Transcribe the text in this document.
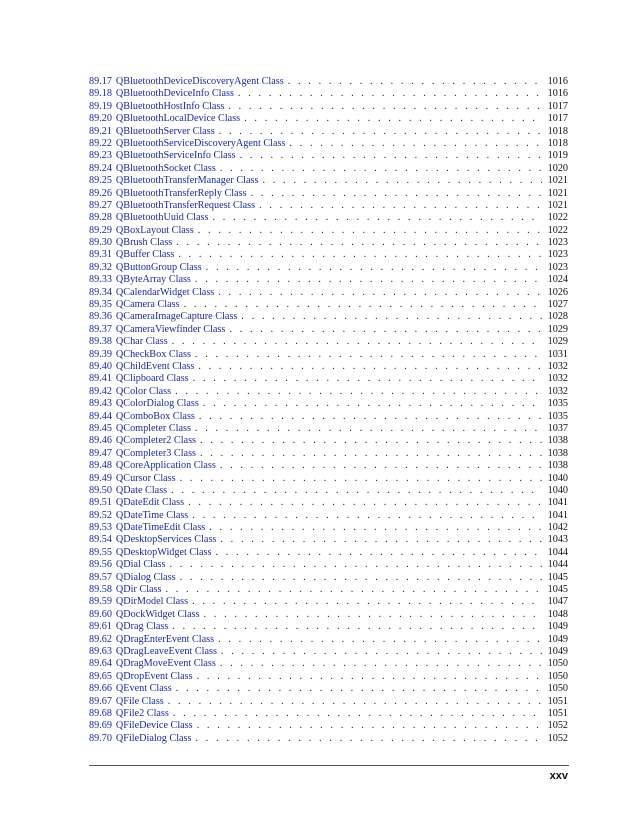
89.17 QBluetoothDeviceDiscoveryAgent Class . . .	1016
89.18 QBluetoothDeviceInfo Class . . .	1016
89.19 QBluetoothHostInfo Class . . .	1017
89.20 QBluetoothLocalDevice Class . . .	1017
89.21 QBluetoothServer Class . . .	1018
89.22 QBluetoothServiceDiscoveryAgent Class . . .	1018
89.23 QBluetoothServiceInfo Class . . .	1019
89.24 QBluetoothSocket Class . . .	1020
89.25 QBluetoothTransferManager Class . . .	1021
89.26 QBluetoothTransferReply Class . . .	1021
89.27 QBluetoothTransferRequest Class . . .	1021
89.28 QBluetoothUuid Class . . .	1022
89.29 QBoxLayout Class . . .	1022
89.30 QBrush Class . . .	1023
89.31 QBuffer Class . . .	1023
89.32 QButtonGroup Class . . .	1023
89.33 QByteArray Class . . .	1024
89.34 QCalendarWidget Class . . .	1026
89.35 QCamera Class . . .	1027
89.36 QCameraImageCapture Class . . .	1028
89.37 QCameraViewfinder Class . . .	1029
89.38 QChar Class . . .	1029
89.39 QCheckBox Class . . .	1031
89.40 QChildEvent Class . . .	1032
89.41 QClipboard Class . . .	1032
89.42 QColor Class . . .	1032
89.43 QColorDialog Class . . .	1035
89.44 QComboBox Class . . .	1035
89.45 QCompleter Class . . .	1037
89.46 QCompleter2 Class . . .	1038
89.47 QCompleter3 Class . . .	1038
89.48 QCoreApplication Class . . .	1038
89.49 QCursor Class . . .	1040
89.50 QDate Class . . .	1040
89.51 QDateEdit Class . . .	1041
89.52 QDateTime Class . . .	1041
89.53 QDateTimeEdit Class . . .	1042
89.54 QDesktopServices Class . . .	1043
89.55 QDesktopWidget Class . . .	1044
89.56 QDial Class . . .	1044
89.57 QDialog Class . . .	1045
89.58 QDir Class . . .	1045
89.59 QDirModel Class . . .	1047
89.60 QDockWidget Class . . .	1048
89.61 QDrag Class . . .	1049
89.62 QDragEnterEvent Class . . .	1049
89.63 QDragLeaveEvent Class . . .	1049
89.64 QDragMoveEvent Class . . .	1050
89.65 QDropEvent Class . . .	1050
89.66 QEvent Class . . .	1050
89.67 QFile Class . . .	1051
89.68 QFile2 Class . . .	1051
89.69 QFileDevice Class . . .	1052
89.70 QFileDialog Class . . .	1052
xxv
